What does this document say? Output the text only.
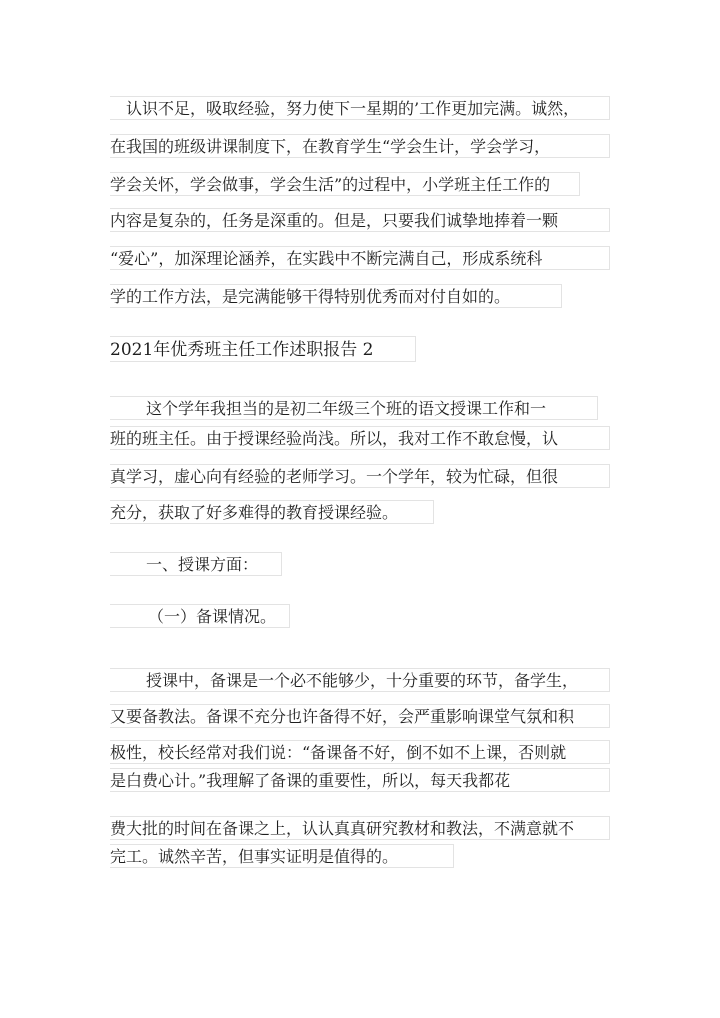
认识不足，吸取经验，努力使下一星期的’工作更加完满。诚然，
在我国的班级讲课制度下，在教育学生“学会生计，学会学习，
学会关怀，学会做事，学会生活”的过程中，小学班主任工作的
内容是复杂的，任务是深重的。但是，只要我们诚挚地捧着一颗
“爱心”，加深理论涵养，在实践中不断完满自己，形成系统科
学的工作方法，是完满能够干得特别优秀而对付自如的。
2021年优秀班主任工作述职报告 2
这个学年我担当的是初二年级三个班的语文授课工作和一
班的班主任。由于授课经验尚浅。所以，我对工作不敢怠慢，认
真学习，虚心向有经验的老师学习。一个学年，较为忙碌，但很
充分，获取了好多难得的教育授课经验。
一、授课方面：
（一）备课情况。
授课中，备课是一个必不能够少，十分重要的环节，备学生，
又要备教法。备课不充分也许备得不好，会严重影响课堂气氛和积
极性，校长经常对我们说：“备课备不好，倒不如不上课，否则就
是白费心计。”我理解了备课的重要性，所以，每天我都花
费大批的时间在备课之上，认认真真研究教材和教法，不满意就不
完工。诚然辛苦，但事实证明是值得的。
